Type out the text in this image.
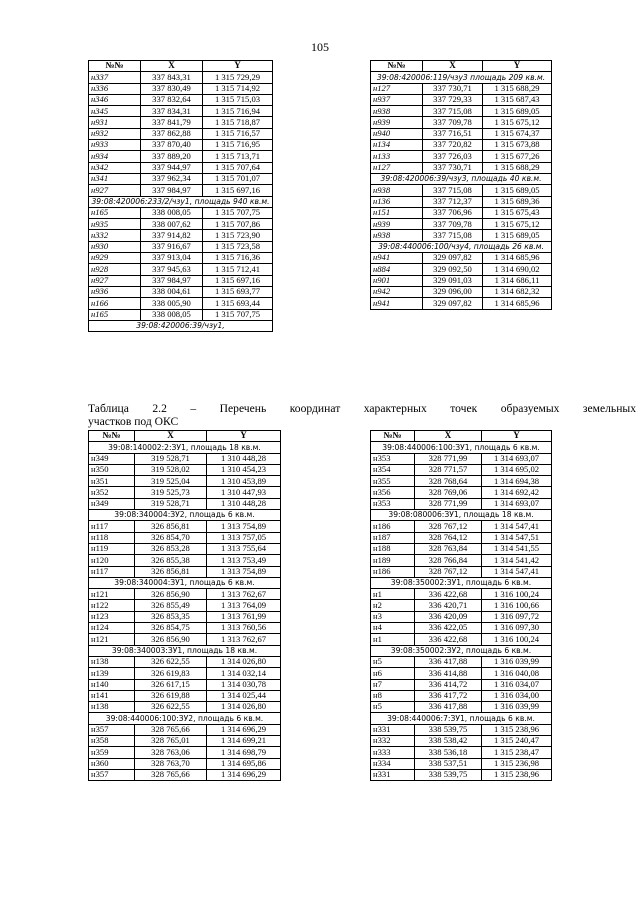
105
№№	X	Y
н337	337 843,31	1 315 729,29
н336	337 830,49	1 315 714,92
н346	337 832,64	1 315 715,03
н345	337 834,31	1 315 716,94
н931	337 841,79	1 315 718,87
н932	337 862,88	1 315 716,57
н933	337 870,40	1 315 716,95
н934	337 889,20	1 315 713,71
н342	337 944,97	1 315 707,64
н341	337 962,34	1 315 701,07
н927	337 984,97	1 315 697,16
39:08:420006:233/2/чзу1, площадь 940 кв.м.		
н165	338 008,05	1 315 707,75
н935	338 007,62	1 315 707,86
н332	337 914,82	1 315 723,90
н930	337 916,67	1 315 723,58
н929	337 913,04	1 315 716,36
н928	337 945,63	1 315 712,41
н927	337 984,97	1 315 697,16
н936	338 004,61	1 315 693,77
н166	338 005,90	1 315 693,44
н165	338 008,05	1 315 707,75
39:08:420006:39/чзу1,		
№№	X	Y
39:08:420006:119/чзу3 площадь 209 кв.м.		
н127	337 730,71	1 315 688,29
н937	337 729,33	1 315 687,43
н938	337 715,08	1 315 689,05
н939	337 709,78	1 315 675,12
н940	337 716,51	1 315 674,37
н134	337 720,82	1 315 673,88
н133	337 726,03	1 315 677,26
н127	337 730,71	1 315 688,29
39:08:420006:39/чзу3, площадь 40 кв.м.		
н938	337 715,08	1 315 689,05
н136	337 712,37	1 315 689,36
н151	337 706,96	1 315 675,43
н939	337 709,78	1 315 675,12
н938	337 715,08	1 315 689,05
39:08:440006:100/чзу4, площадь 26 кв.м.		
н941	329 097,82	1 314 685,96
н884	329 092,50	1 314 690,02
н901	329 091,03	1 314 686,11
н942	329 096,00	1 314 682,32
н941	329 097,82	1 314 685,96
Таблица 2.2 – Перечень координат характерных точек образуемых земельных
участков под ОКС
№№	X	Y
39:08:140002:2:ЗУ1, площадь 18 кв.м.		
н349	319 528,71	1 310 448,28
н350	319 528,02	1 310 454,23
н351	319 525,04	1 310 453,89
н352	319 525,73	1 310 447,93
н349	319 528,71	1 310 448,28
39:08:340004:ЗУ2, площадь 6 кв.м.		
н117	326 856,81	1 313 754,89
н118	326 854,70	1 313 757,05
н119	326 853,28	1 313 755,64
н120	326 855,38	1 313 753,49
н117	326 856,81	1 313 754,89
39:08:340004:ЗУ1, площадь 6 кв.м.		
н121	326 856,90	1 313 762,67
н122	326 855,49	1 313 764,09
н123	326 853,35	1 313 761,99
н124	326 854,75	1 313 760,56
н121	326 856,90	1 313 762,67
39:08:340003:ЗУ1, площадь 18 кв.м.		
н138	326 622,55	1 314 026,80
н139	326 619,83	1 314 032,14
н140	326 617,15	1 314 030,78
н141	326 619,88	1 314 025,44
н138	326 622,55	1 314 026,80
39:08:440006:100:ЗУ2, площадь 6 кв.м.		
н357	328 765,66	1 314 696,29
н358	328 765,01	1 314 699,21
н359	328 763,06	1 314 698,79
н360	328 763,70	1 314 695,86
н357	328 765,66	1 314 696,29
№№	X	Y
39:08:440006:100:ЗУ1, площадь 6 кв.м.		
н353	328 771,99	1 314 693,07
н354	328 771,57	1 314 695,02
н355	328 768,64	1 314 694,38
н356	328 769,06	1 314 692,42
н353	328 771,99	1 314 693,07
39:08:080006:ЗУ1, площадь 18 кв.м.		
н186	328 767,12	1 314 547,41
н187	328 764,12	1 314 547,51
н188	328 763,84	1 314 541,55
н189	328 766,84	1 314 541,42
н186	328 767,12	1 314 547,41
39:08:350002:ЗУ1, площадь 6 кв.м.		
н1	336 422,68	1 316 100,24
н2	336 420,71	1 316 100,66
н3	336 420,09	1 316 097,72
н4	336 422,05	1 316 097,30
н1	336 422,68	1 316 100,24
39:08:350002:ЗУ2, площадь 6 кв.м.		
н5	336 417,88	1 316 039,99
н6	336 414,88	1 316 040,08
н7	336 414,72	1 316 034,07
н8	336 417,72	1 316 034,00
н5	336 417,88	1 316 039,99
39:08:440006:7:ЗУ1, площадь 6 кв.м.		
н331	338 539,75	1 315 238,96
н332	338 538,42	1 315 240,47
н333	338 536,18	1 315 238,47
н334	338 537,51	1 315 236,98
н331	338 539,75	1 315 238,96
